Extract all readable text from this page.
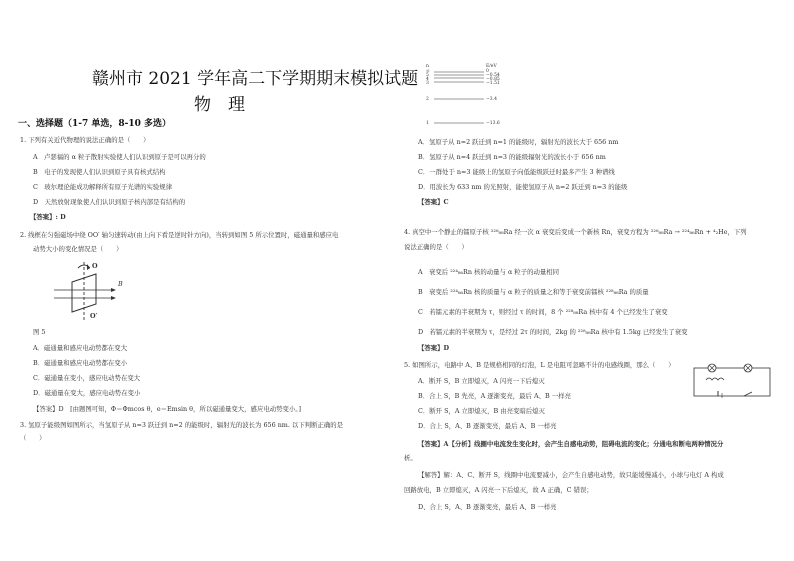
赣州市 2021 学年高二下学期期末模拟试题
物　理
一、选择题（1-7 单选，8-10 多选）
1. 下列有关近代物理的说法正确的是（　　）
A　卢瑟福的 α 粒子散射实验使人们认识到原子是可以再分的
B　电子的发现使人们认识到原子具有核式结构
C　玻尔理论能成功解释所有原子光谱的实验规律
D　天然放射现象使人们认识到原子核内部是有结构的
【答案】: D
2. 线框在匀强磁场中绕 OO′ 轴匀速转动(由上向下看是逆时针方向)，当转到如图 5 所示位置时，磁通量和感应电
动势大小的变化情况是（　　）
O
B
O′
图 5
A．磁通量和感应电动势都在变大
B．磁通量和感应电动势都在变小
C．磁通量在变小，感应电动势在变大
D．磁通量在变大，感应电动势在变小
【答案】D　[由题图可知，Φ＝Φmcos θ，e＝Emsin θ，所以磁通量变大，感应电动势变小。]
3. 氢原子能级图如图所示，当氢原子从 n=3 跃迁到 n=2 的能级时，辐射光的波长为 656 nm. 以下判断正确的是
（　　）
n	E/eV
∞	0
5	−0.54
4	−0.85
3	−1.51
2	−3.4
1	−13.6
A．氢原子从 n=2 跃迁到 n=1 的能级时，辐射光的波长大于 656 nm
B．氢原子从 n=4 跃迁到 n=3 的能级辐射光的波长小于 656 nm
C．一群处于 n=3 能级上的氢原子向低能级跃迁时最多产生 3 种谱线
D．用波长为 633 nm 的光照射，能使氢原子从 n=2 跃迁到 n=3 的能级
【答案】C
4. 真空中一个静止的镭原子核 ²²⁸₈₈Ra 经一次 α 衰变后变成一个新核 Rn，衰变方程为 ²²⁸₈₈Ra → ²²⁴₈₆Rn + ⁴₂He，下列
说法正确的是（　　）
A　衰变后 ²²⁴₈₆Rn 核的动量与 α 粒子的动量相同
B　衰变后 ²²⁴₈₆Rn 核的质量与 α 粒子的质量之和等于衰变前镭核 ²²⁸₈₈Ra 的质量
C　若镭元素的半衰期为 τ，则经过 τ 的时间，8 个 ²²⁸₈₈Ra 核中有 4 个已经发生了衰变
D　若镭元素的半衰期为 τ，是经过 2τ 的时间，2kg 的 ²²⁸₈₈Ra 核中有 1.5kg 已经发生了衰变
【答案】D
5. 如图所示，电路中 A、B 是规格相同的灯泡，L 是电阻可忽略不计的电感线圈，那么（　　）
A．断开 S，B 立即熄灭，A 闪亮一下后熄灭
B．合上 S，B 先亮，A 逐渐变亮，最后 A、B 一样亮
C．断开 S，A 立即熄灭，B 由亮变暗后熄灭
D．合上 S，A、B 逐渐变亮，最后 A、B 一样亮
【答案】A【分析】线圈中电流发生变化时，会产生自感电动势，阻碍电流的变化；分通电和断电两种情况分
析。
【解答】解：A、C、断开 S，线圈中电流要减小，会产生自感电动势，故只能缓慢减小，小球与电灯 A 构成
回路放电，B 立即熄灭，A 闪亮一下后熄灭，故 A 正确，C 错误；
D、合上 S，A、B 逐渐变亮，最后 A、B 一样亮
